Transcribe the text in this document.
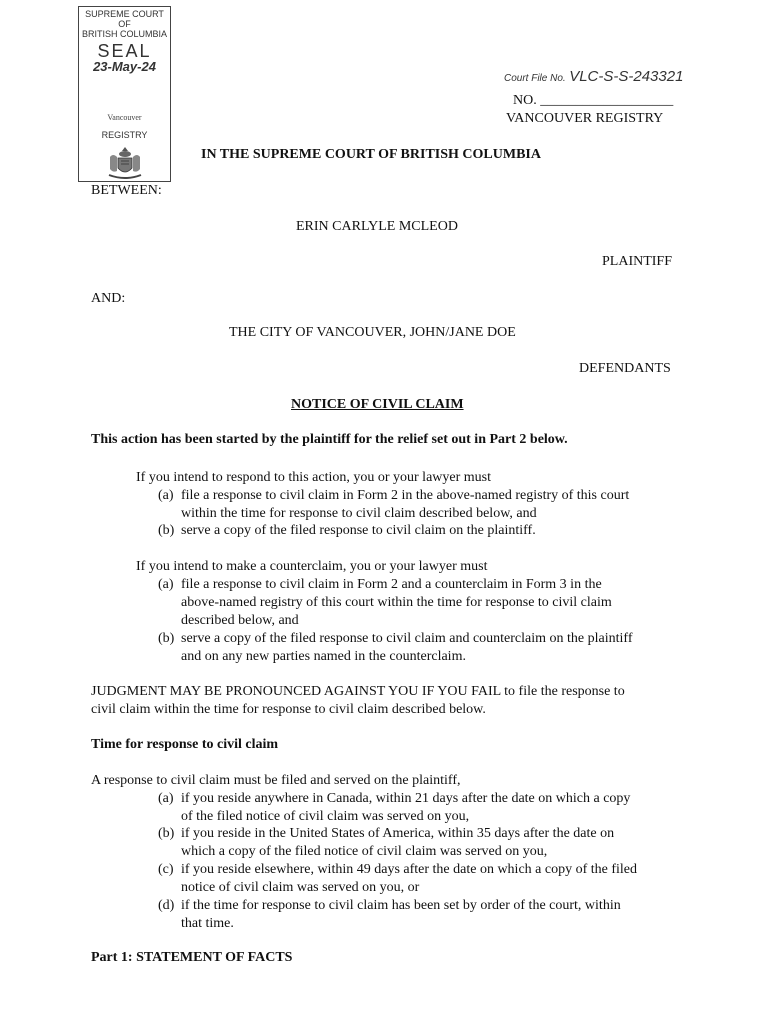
SUPREME COURT
OF
BRITISH COLUMBIA
SEAL
23-May-24
Vancouver
REGISTRY
Court File No. VLC-S-S-243321
NO. ___________________
VANCOUVER REGISTRY
IN THE SUPREME COURT OF BRITISH COLUMBIA
BETWEEN:
ERIN CARLYLE MCLEOD
PLAINTIFF
AND:
THE CITY OF VANCOUVER, JOHN/JANE DOE
DEFENDANTS
NOTICE OF CIVIL CLAIM
This action has been started by the plaintiff for the relief set out in Part 2 below.
If you intend to respond to this action, you or your lawyer must
(a) file a response to civil claim in Form 2 in the above-named registry of this court
within the time for response to civil claim described below, and
(b) serve a copy of the filed response to civil claim on the plaintiff.
If you intend to make a counterclaim, you or your lawyer must
(a) file a response to civil claim in Form 2 and a counterclaim in Form 3 in the
above-named registry of this court within the time for response to civil claim
described below, and
(b) serve a copy of the filed response to civil claim and counterclaim on the plaintiff
and on any new parties named in the counterclaim.
JUDGMENT MAY BE PRONOUNCED AGAINST YOU IF YOU FAIL to file the response to
civil claim within the time for response to civil claim described below.
Time for response to civil claim
A response to civil claim must be filed and served on the plaintiff,
(a) if you reside anywhere in Canada, within 21 days after the date on which a copy
of the filed notice of civil claim was served on you,
(b) if you reside in the United States of America, within 35 days after the date on
which a copy of the filed notice of civil claim was served on you,
(c) if you reside elsewhere, within 49 days after the date on which a copy of the filed
notice of civil claim was served on you, or
(d) if the time for response to civil claim has been set by order of the court, within
that time.
Part 1: STATEMENT OF FACTS
